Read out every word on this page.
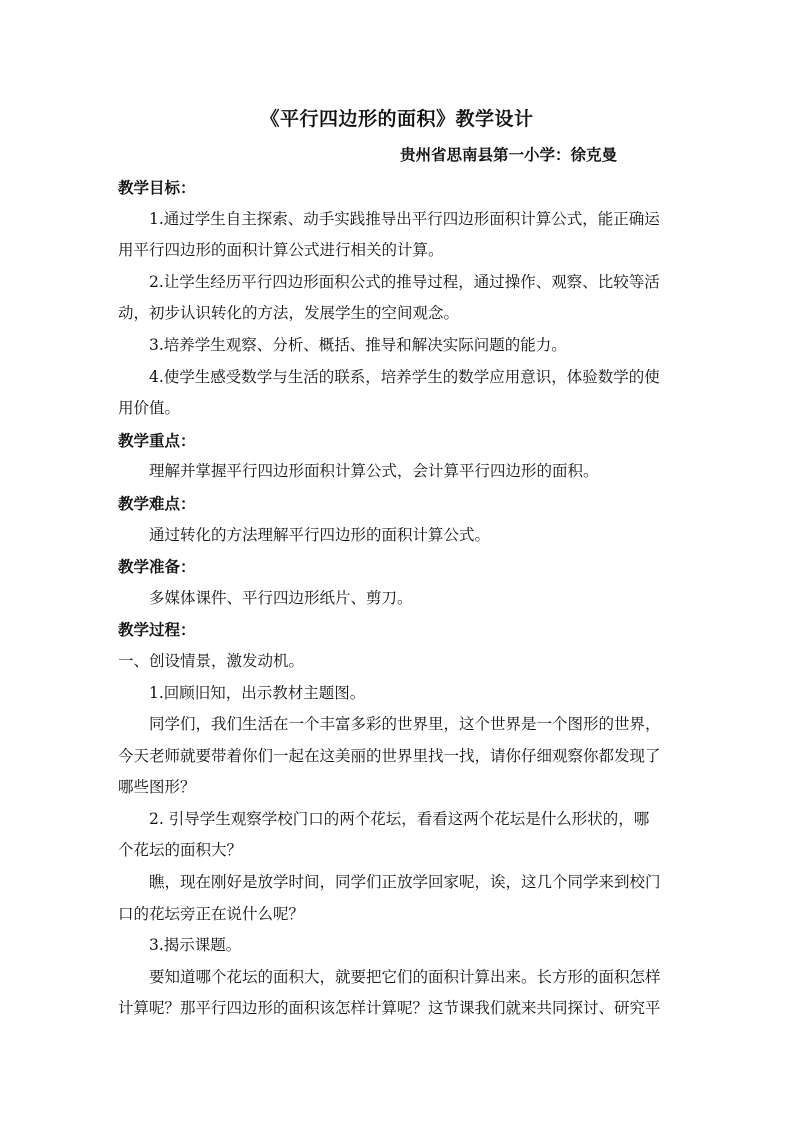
《平行四边形的面积》教学设计
贵州省思南县第一小学：徐克曼
教学目标：
1.通过学生自主探索、动手实践推导出平行四边形面积计算公式，能正确运
用平行四边形的面积计算公式进行相关的计算。
2.让学生经历平行四边形面积公式的推导过程，通过操作、观察、比较等活
动，初步认识转化的方法，发展学生的空间观念。
3.培养学生观察、分析、概括、推导和解决实际问题的能力。
4.使学生感受数学与生活的联系，培养学生的数学应用意识，体验数学的使
用价值。
教学重点：
理解并掌握平行四边形面积计算公式，会计算平行四边形的面积。
教学难点：
通过转化的方法理解平行四边形的面积计算公式。
教学准备：
多媒体课件、平行四边形纸片、剪刀。
教学过程：
一、创设情景，激发动机。
1.回顾旧知，出示教材主题图。
同学们，我们生活在一个丰富多彩的世界里，这个世界是一个图形的世界，
今天老师就要带着你们一起在这美丽的世界里找一找，请你仔细观察你都发现了
哪些图形？
2. 引导学生观察学校门口的两个花坛，看看这两个花坛是什么形状的，哪
个花坛的面积大？
瞧，现在刚好是放学时间，同学们正放学回家呢，诶，这几个同学来到校门
口的花坛旁正在说什么呢？
3.揭示课题。
要知道哪个花坛的面积大，就要把它们的面积计算出来。长方形的面积怎样
计算呢？那平行四边形的面积该怎样计算呢？这节课我们就来共同探讨、研究平
